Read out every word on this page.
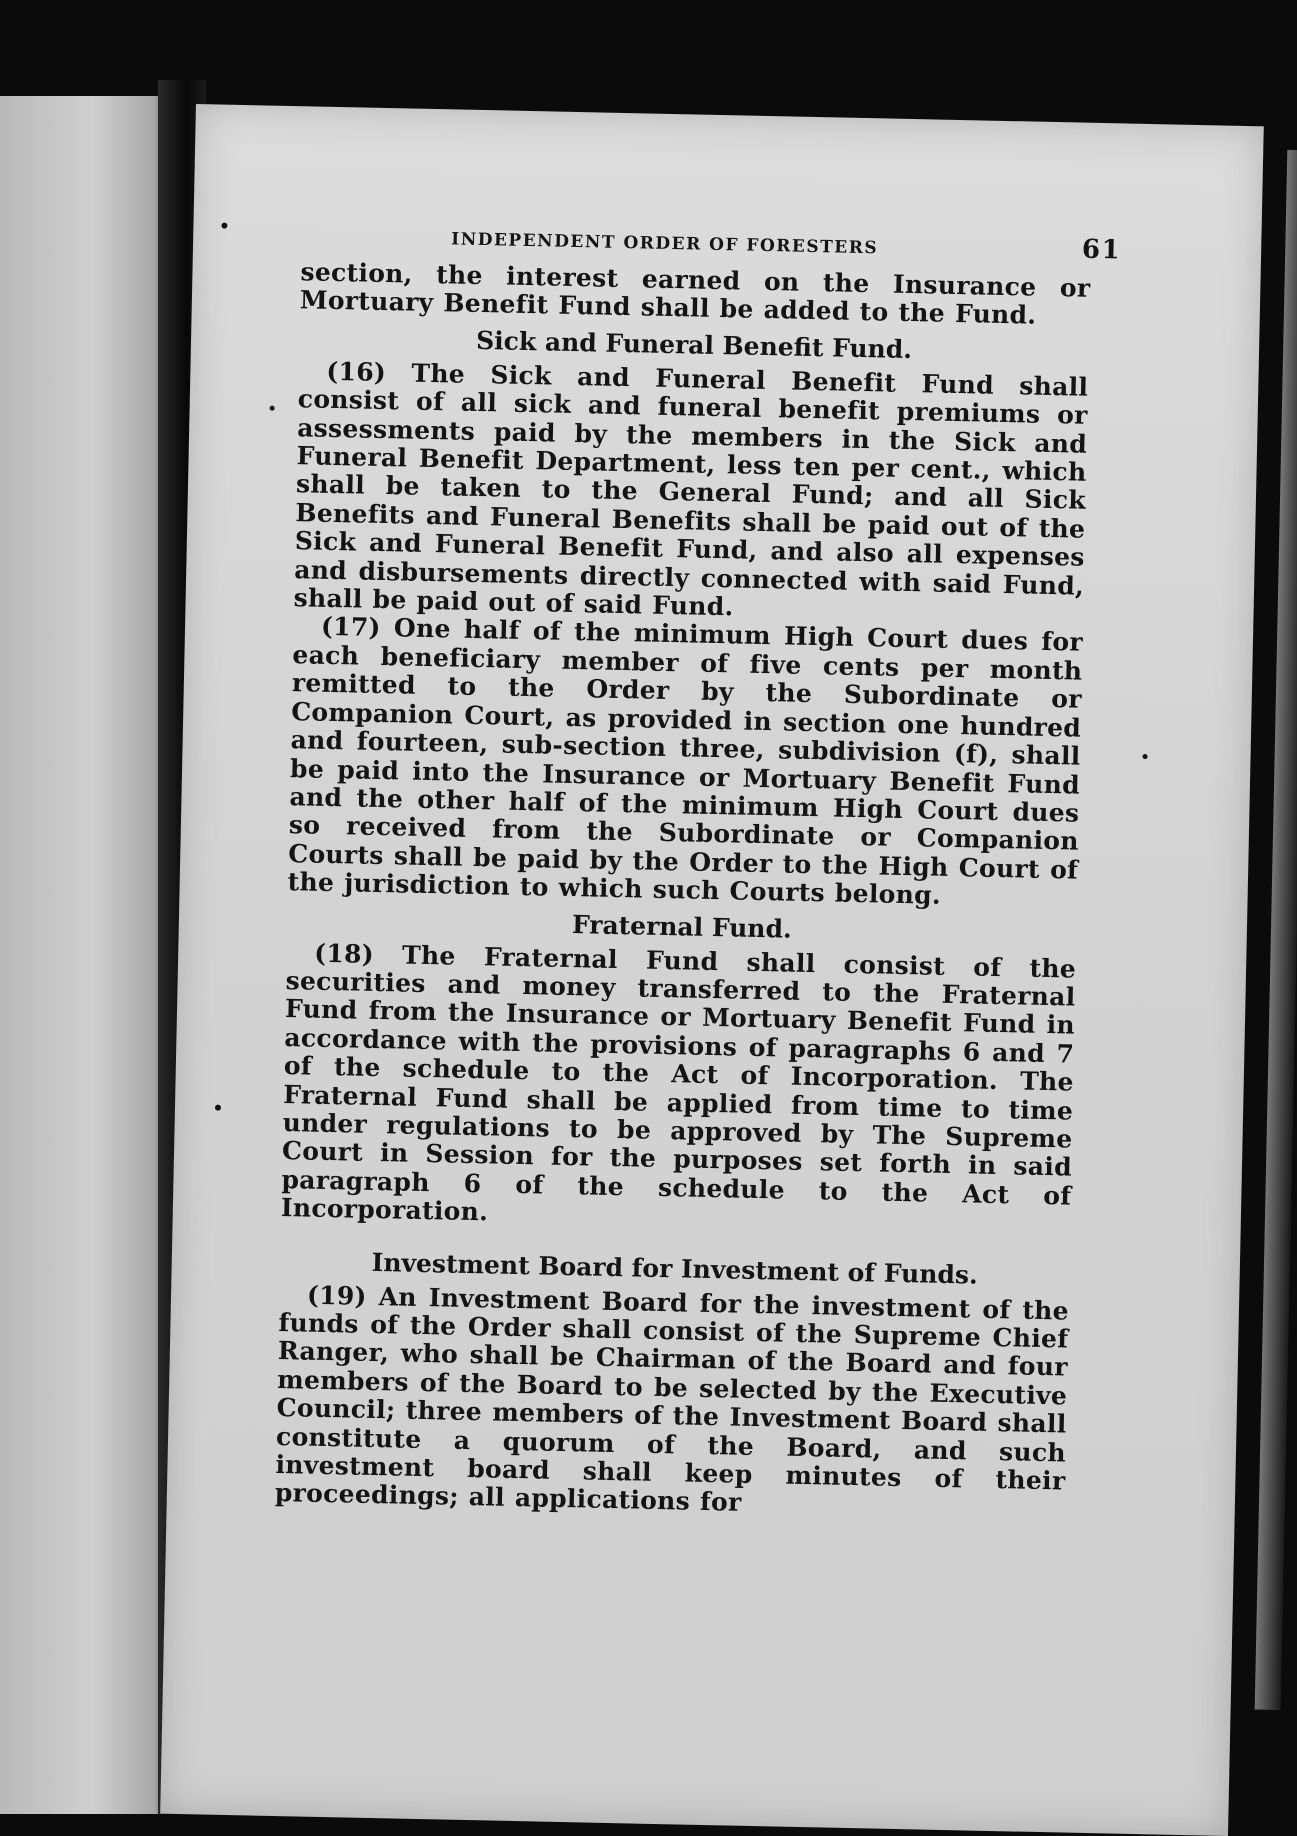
INDEPENDENT ORDER OF FORESTERS	61

section, the interest earned on the Insurance or Mortuary Benefit Fund shall be added to the Fund.

Sick and Funeral Benefit Fund.

(16) The Sick and Funeral Benefit Fund shall consist of all sick and funeral benefit premiums or assessments paid by the members in the Sick and Funeral Benefit Department, less ten per cent., which shall be taken to the General Fund; and all Sick Benefits and Funeral Benefits shall be paid out of the Sick and Funeral Benefit Fund, and also all expenses and disbursements directly connected with said Fund, shall be paid out of said Fund.

(17) One half of the minimum High Court dues for each beneficiary member of five cents per month remitted to the Order by the Subordinate or Companion Court, as provided in section one hundred and fourteen, sub-section three, subdivision (f), shall be paid into the Insurance or Mortuary Benefit Fund and the other half of the minimum High Court dues so received from the Subordinate or Companion Courts shall be paid by the Order to the High Court of the jurisdiction to which such Courts belong.

Fraternal Fund.

(18) The Fraternal Fund shall consist of the securities and money transferred to the Fraternal Fund from the Insurance or Mortuary Benefit Fund in accordance with the provisions of paragraphs 6 and 7 of the schedule to the Act of Incorporation. The Fraternal Fund shall be applied from time to time under regulations to be approved by The Supreme Court in Session for the purposes set forth in said paragraph 6 of the schedule to the Act of Incorporation.

Investment Board for Investment of Funds.

(19) An Investment Board for the investment of the funds of the Order shall consist of the Supreme Chief Ranger, who shall be Chairman of the Board and four members of the Board to be selected by the Executive Council; three members of the Investment Board shall constitute a quorum of the Board, and such investment board shall keep minutes of their proceedings; all applications for
